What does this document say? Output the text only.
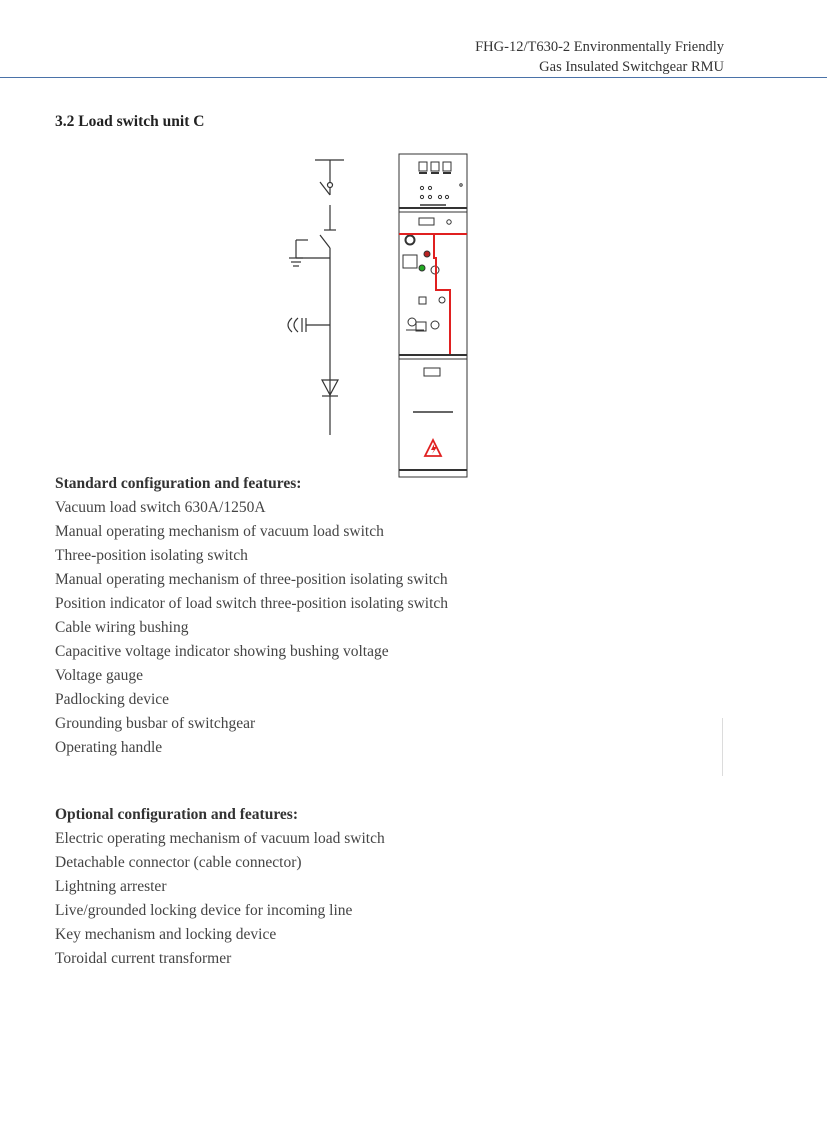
FHG-12/T630-2 Environmentally Friendly
Gas Insulated Switchgear RMU
3.2 Load switch unit C
Standard configuration and features:
Vacuum load switch 630A/1250A
Manual operating mechanism of vacuum load switch
Three-position isolating switch
Manual operating mechanism of three-position isolating switch
Position indicator of load switch three-position isolating switch
Cable wiring bushing
Capacitive voltage indicator showing bushing voltage
Voltage gauge
Padlocking device
Grounding busbar of switchgear
Operating handle
Optional configuration and features:
Electric operating mechanism of vacuum load switch
Detachable connector (cable connector)
Lightning arrester
Live/grounded locking device for incoming line
Key mechanism and locking device
Toroidal current transformer
